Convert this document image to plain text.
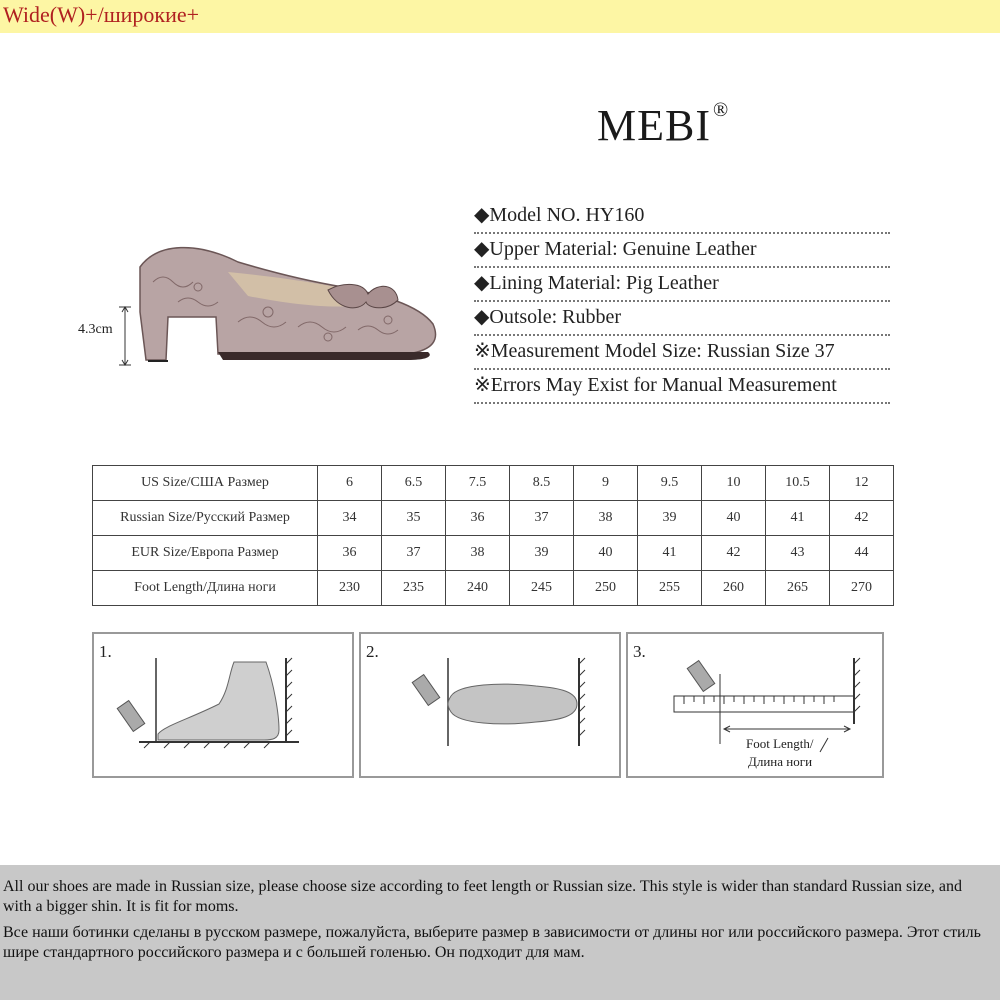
Wide(W)+/широкие+
MEBI ®
4.3cm
◆Model NO. HY160
◆Upper Material: Genuine Leather
◆Lining Material: Pig Leather
◆Outsole: Rubber
※Measurement Model Size: Russian Size 37
※Errors May Exist for Manual Measurement
US Size/США Размер	6	6.5	7.5	8.5	9	9.5	10	10.5	12
Russian Size/Русский Размер	34	35	36	37	38	39	40	41	42
EUR Size/Европа Размер	36	37	38	39	40	41	42	43	44
Foot Length/Длина ноги	230	235	240	245	250	255	260	265	270
1.	2.	3.
Foot Length/
Длина ноги

All our shoes are made in Russian size, please choose size according to feet length or Russian size. This style is wider than standard Russian size, and with a bigger shin. It is fit for moms.

Все наши ботинки сделаны в русском размере, пожалуйста, выберите размер в зависимости от длины ног или российского размера. Этот стиль шире стандартного российского размера и с большей голенью. Он подходит для мам.
